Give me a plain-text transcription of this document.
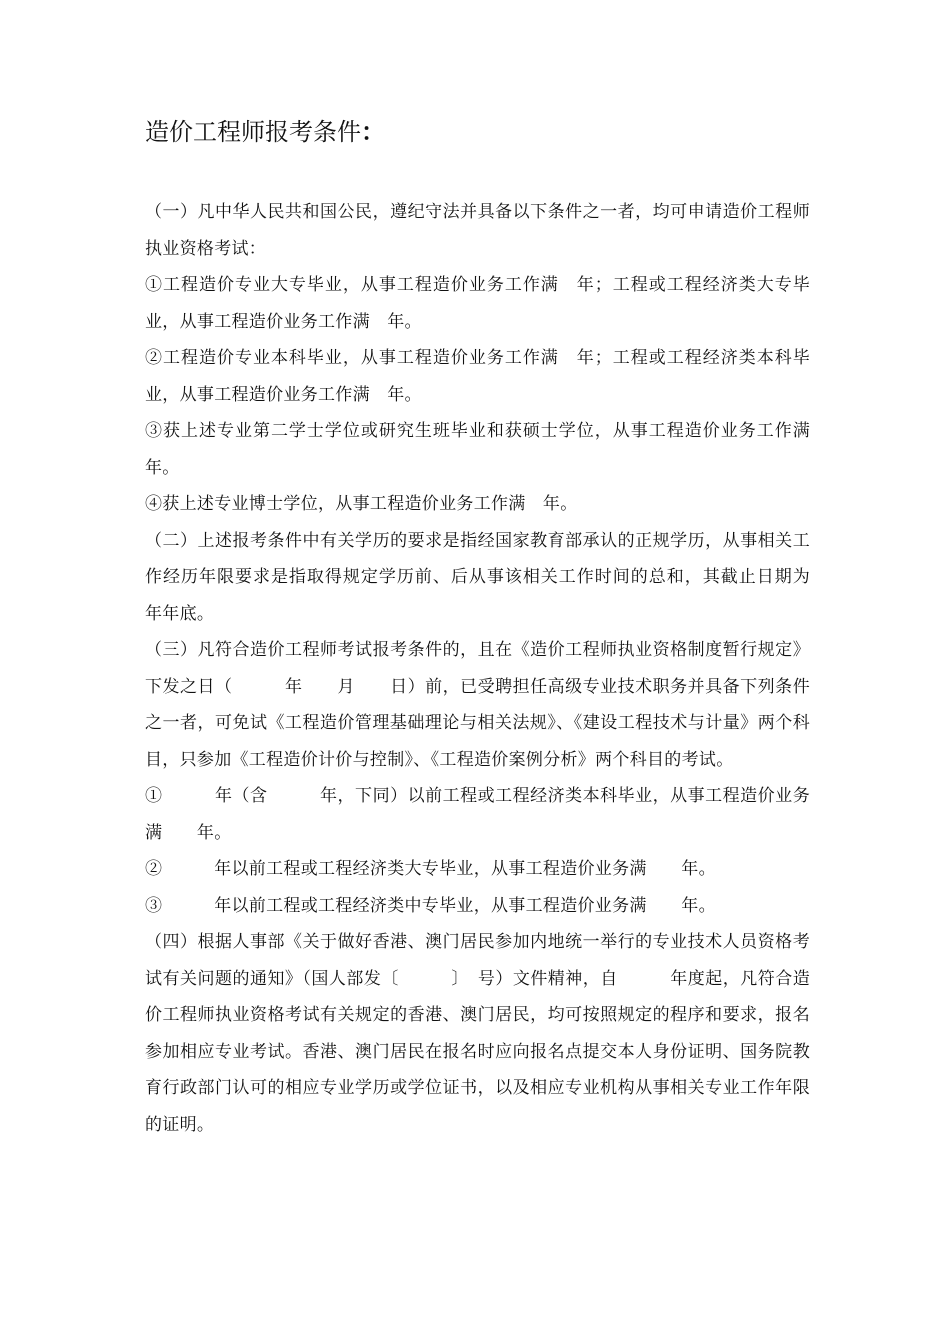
造价工程师报考条件：

（一）凡中华人民共和国公民，遵纪守法并具备以下条件之一者，均可申请造价工程师执业资格考试：

①工程造价专业大专毕业，从事工程造价业务工作满　年；工程或工程经济类大专毕业，从事工程造价业务工作满　年。

②工程造价专业本科毕业，从事工程造价业务工作满　年；工程或工程经济类本科毕业，从事工程造价业务工作满　年。

③获上述专业第二学士学位或研究生班毕业和获硕士学位，从事工程造价业务工作满　年。

④获上述专业博士学位，从事工程造价业务工作满　年。

（二）上述报考条件中有关学历的要求是指经国家教育部承认的正规学历，从事相关工作经历年限要求是指取得规定学历前、后从事该相关工作时间的总和，其截止日期为　　　年年底。

（三）凡符合造价工程师考试报考条件的，且在《造价工程师执业资格制度暂行规定》下发之日（　　　年　　月　　日）前，已受聘担任高级专业技术职务并具备下列条件之一者，可免试《工程造价管理基础理论与相关法规》、《建设工程技术与计量》两个科目，只参加《工程造价计价与控制》、《工程造价案例分析》两个科目的考试。

①　　　年（含　　　年，下同）以前工程或工程经济类本科毕业，从事工程造价业务满　　年。

②　　　年以前工程或工程经济类大专毕业，从事工程造价业务满　　年。

③　　　年以前工程或工程经济类中专毕业，从事工程造价业务满　　年。

（四）根据人事部《关于做好香港、澳门居民参加内地统一举行的专业技术人员资格考试有关问题的通知》（国人部发〔　　　〕　号）文件精神，自　　　年度起，凡符合造价工程师执业资格考试有关规定的香港、澳门居民，均可按照规定的程序和要求，报名参加相应专业考试。香港、澳门居民在报名时应向报名点提交本人身份证明、国务院教育行政部门认可的相应专业学历或学位证书，以及相应专业机构从事相关专业工作年限的证明。
